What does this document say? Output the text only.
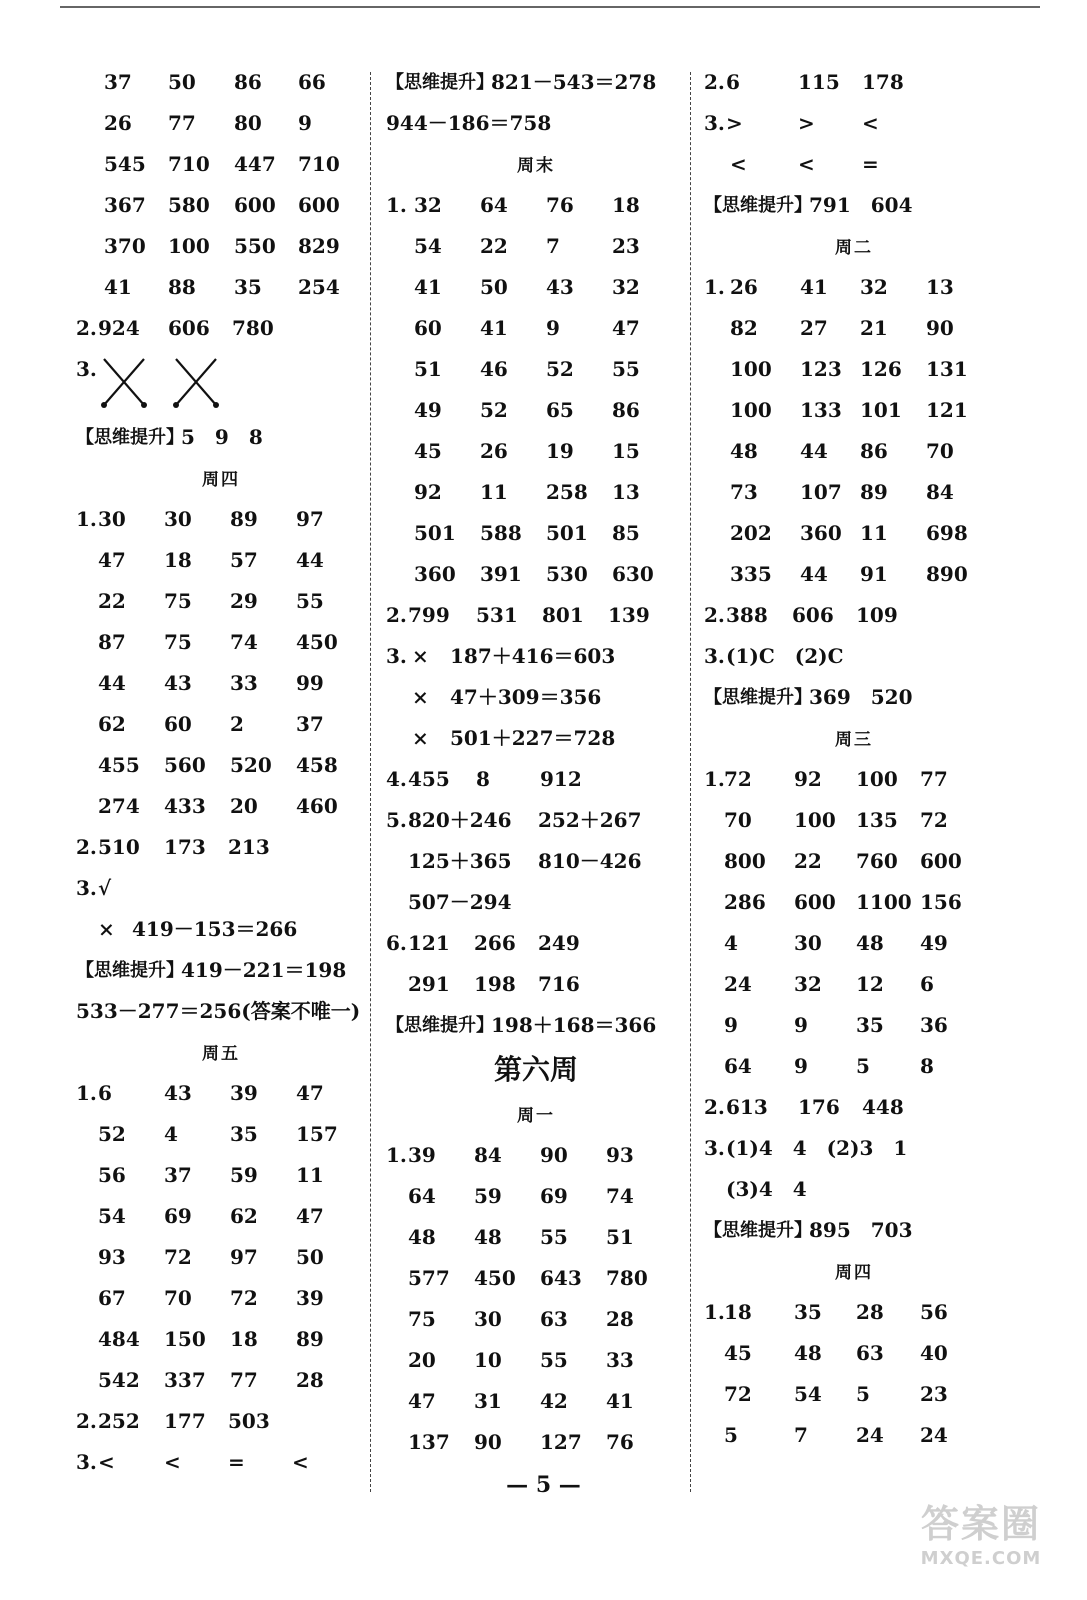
37 50 86 66
26 77 80 9
545 710 447 710
367 580 600 600
370 100 550 829
41 88 35 254
2. 924 606 780
3.
【思维提升】
5　9　8
周四
1. 30 30 89 97
47 18 57 44
22 75 29 55
87 75 74 450
44 43 33 99
62 60 2	37
455 560 520 458
274 433 20 460
2. 510 173 213
3. √
× 419－153＝266
【思维提升】
419－221＝198
533－277＝256(答案不唯一)
周五
1. 6	43 39 47
52 4	35 157
56 37 59 11
54 69 62 47
93 72 97 50
67 70 72 39
484 150 18 89
542 337 77 28
2. 252 177 503
3. < < = <
【思维提升】
821－543＝278
944－186＝758
周末
1. 32 64 76 18
54 22 7	23
41 50 43 32
60 41 9	47
51 46 52 55
49 52 65 86
45 26 19 15
92 11 258 13
501 588 501 85
360 391 530 630
2. 799 531 801 139
3. × 187＋416＝603
× 47＋309＝356
× 501＋227＝728
4. 455 8	912
5. 820＋246 252＋267
125＋365 810－426
507－294
6. 121 266 249
291 198 716
【思维提升】
198＋168＝366
第六周
周一
1. 39 84 90 93
64 59 69 74
48 48 55 51
577 450 643 780
75 30 63 28
20 10 55 33
47 31 42 41
137 90 127 76
2. 6	115 178
3. >	> <
<	< =
【思维提升】
791　604
周二
1. 26 41 32 13
82 27 21 90
100 123 126 131
100 133 101 121
48 44 86 70
73 107 89 84
202 360 11 698
335 44 91 890
2. 388 606 109
3. (1)C　(2)C
【思维提升】
369　520
周三
1. 72 92 100 77
70 100 135 72
800 22 760 600
286 600 1100 156
4	30 48 49
24 32 12 6
9	9 35 36
64 9 5	8
2. 613 176 448
3. (1)4　4　(2)3　1
(3)4　4
【思维提升】
895　703
周四
1. 18 35 28 56
45 48 63 40
72 54 5	23
5	7 24 24
— 5 —
答案圈
MXQE.COM
